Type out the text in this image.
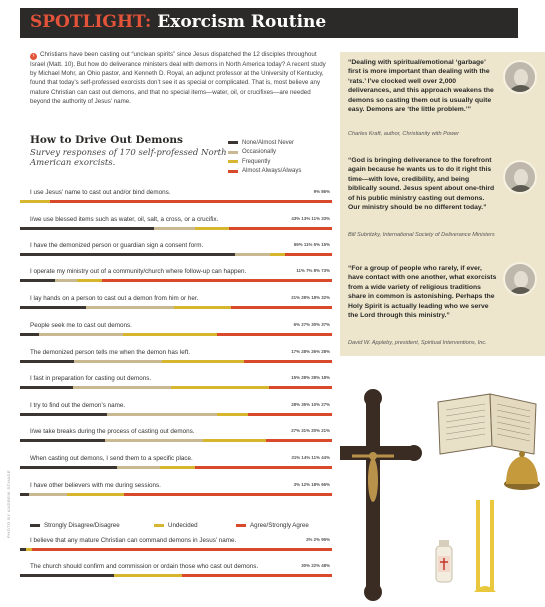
PHOTO BY ANDREW SCHADE
SPOTLIGHT: Exorcism Routine
› Christians have been casting out “unclean spirits” since Jesus dispatched the 12 disciples throughout Israel (Matt. 10). But how do deliverance ministers deal with demons in North America today? A recent study by Michael Mohr, an Ohio pastor, and Kenneth D. Royal, an adjunct professor at the University of Kentucky, found that today’s self-professed exorcists don’t see it as special or complicated. That is, most believe any mature Christian can cast out demons, and that no special items—water, oil, or crucifixes—are needed beyond the authority of Jesus’ name.
How to Drive Out Demons
Survey responses of 170 self-professed North American exorcists.
None/Almost Never
Occasionally
Frequently
Almost Always/Always
I use Jesus’ name to cast out and/or bind demons.	9% 86%
I/we use blessed items such as water, oil, salt, a cross, or a crucifix.	43% 13% 11% 33%
I have the demonized person or guardian sign a consent form.	69% 11% 5% 15%
I operate my ministry out of a community/church where follow-up can happen.	11% 7% 8% 73%
I lay hands on a person to cast out a demon from him or her.	21% 28% 18% 32%
People seek me to cast out demons.	6% 27% 30% 37%
The demonized person tells me when the demon has left.	17% 28% 26% 28%
I fast in preparation for casting out demons.	15% 28% 28% 18%
I try to find out the demon’s name.	28% 35% 10% 27%
I/we take breaks during the process of casting out demons.	27% 31% 20% 21%
When casting out demons, I send them to a specific place.	31% 14% 11% 44%
I have other believers with me during sessions.	3% 12% 18% 66%
I believe that any mature Christian can command demons in Jesus’ name.	2% 2% 96%
The church should confirm and commission or ordain those who cast out demons.	30% 22% 48%
Strongly Disagree/Disagree	Undecided	Agree/Strongly Agree
“Dealing with spiritual/emotional ‘garbage’ first is more important than dealing with the ‘rats.’ I’ve clocked well over 2,000 deliverances, and this approach weakens the demons so casting them out is usually quite easy. Demons are ‘the little problem.’”
Charles Kraft, author, Christianity with Power
“God is bringing deliverance to the forefront again because he wants us to do it right this time—with love, credibility, and being biblically sound. Jesus spent about one-third of his public ministry casting out demons. Our ministry should be no different today.”
Bill Subritzky, International Society of Deliverance Ministers
“For a group of people who rarely, if ever, have contact with one another, what exorcists from a wide variety of religious traditions share in common is astonishing. Perhaps the Holy Spirit is actually leading who we serve the Lord through this ministry.”
David W. Appleby, president, Spiritual Interventions, Inc.
